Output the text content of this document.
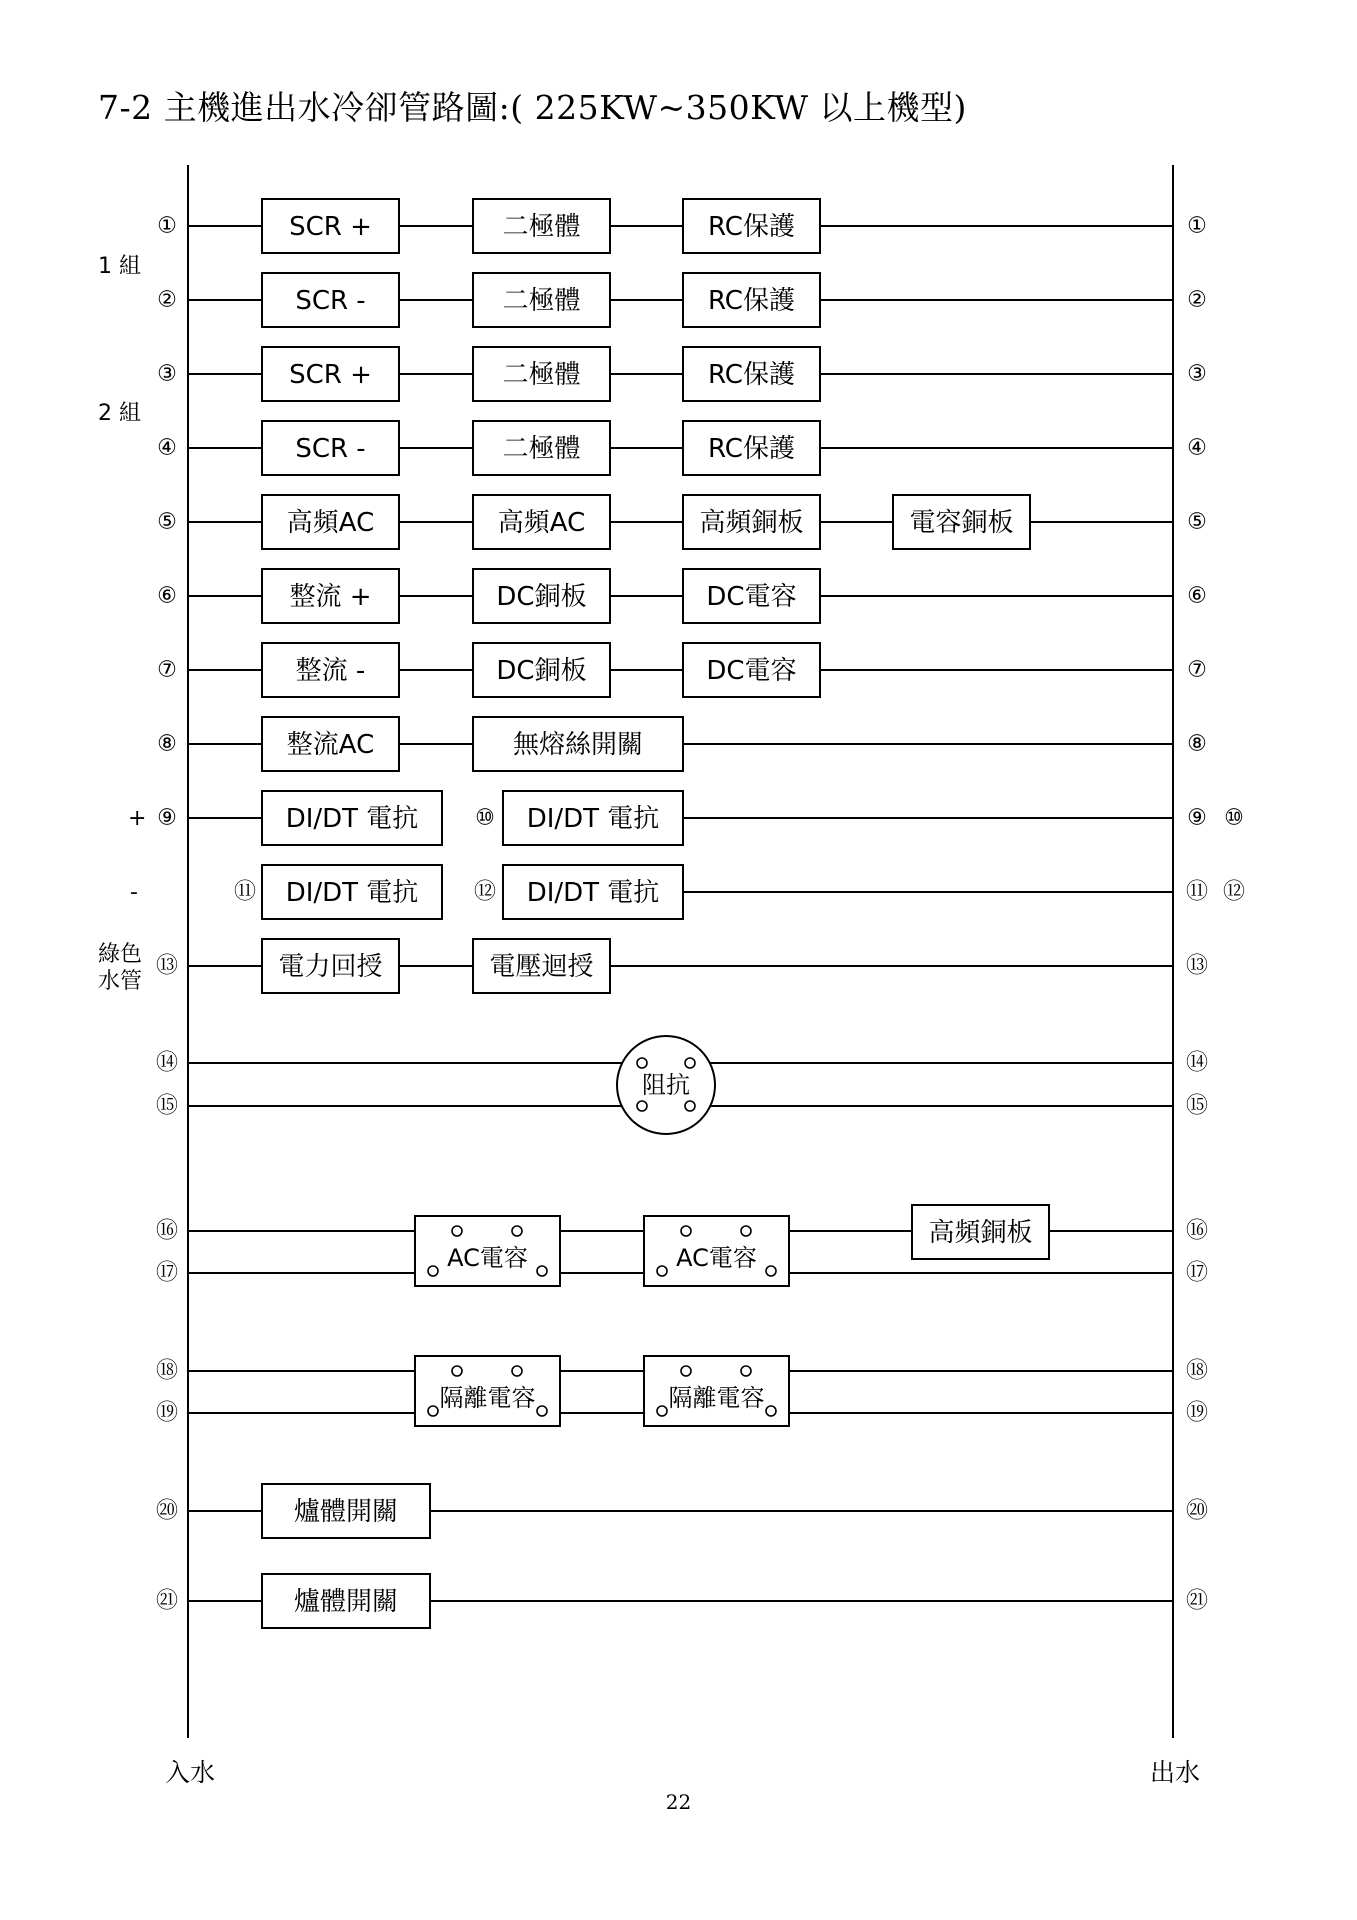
7-2 主機進出水冷卻管路圖:( 225KW~350KW 以上機型)
①	①
SCR +	二極體	RC保護
②	②
SCR -	二極體	RC保護
③	③
SCR +	二極體	RC保護
④	④
SCR -	二極體	RC保護
⑤	⑤
高頻AC	高頻AC	高頻銅板	電容銅板
⑥	⑥
整流 +	DC銅板	DC電容
⑦	⑦
整流 -	DC銅板	DC電容
⑧	⑧
整流AC	無熔絲開關
⑨	⑨ ⑩
DI/DT 電抗	DI/DT 電抗
⑩
⑪	⑪ ⑫
DI/DT 電抗	DI/DT 電抗
⑫
⑬	⑬
電力回授	電壓迴授
⑭
⑮
⑭
⑮
阻抗
⑯
⑰
⑯
⑰
AC電容	AC電容
高頻銅板
⑱
⑲
⑱
⑲
隔離電容	隔離電容
⑳	⑳
爐體開關
㉑	㉑
爐體開關
1 組
2 組
+
-
綠色
水管
入水	出水
22
